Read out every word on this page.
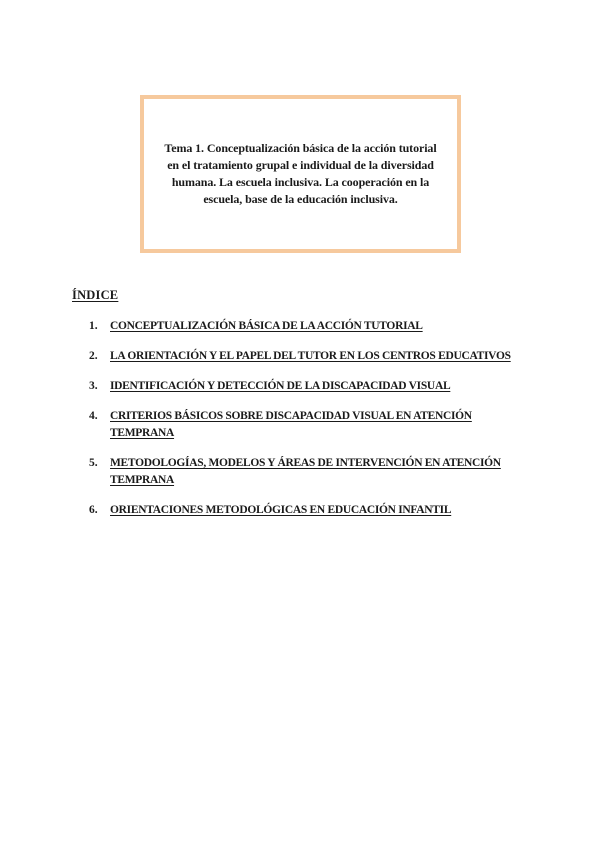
Tema 1. Conceptualización básica de la acción tutorial en el tratamiento grupal e individual de la diversidad humana. La escuela inclusiva. La cooperación en la escuela, base de la educación inclusiva.
ÍNDICE
1.	CONCEPTUALIZACIÓN BÁSICA DE LA ACCIÓN TUTORIAL
2.	LA ORIENTACIÓN Y EL PAPEL DEL TUTOR EN LOS CENTROS EDUCATIVOS
3.	IDENTIFICACIÓN Y DETECCIÓN DE LA DISCAPACIDAD VISUAL
4.	CRITERIOS BÁSICOS SOBRE DISCAPACIDAD VISUAL EN ATENCIÓN
TEMPRANA
5.	METODOLOGÍAS, MODELOS Y ÁREAS DE INTERVENCIÓN EN ATENCIÓN
TEMPRANA
6.	ORIENTACIONES METODOLÓGICAS EN EDUCACIÓN INFANTIL
